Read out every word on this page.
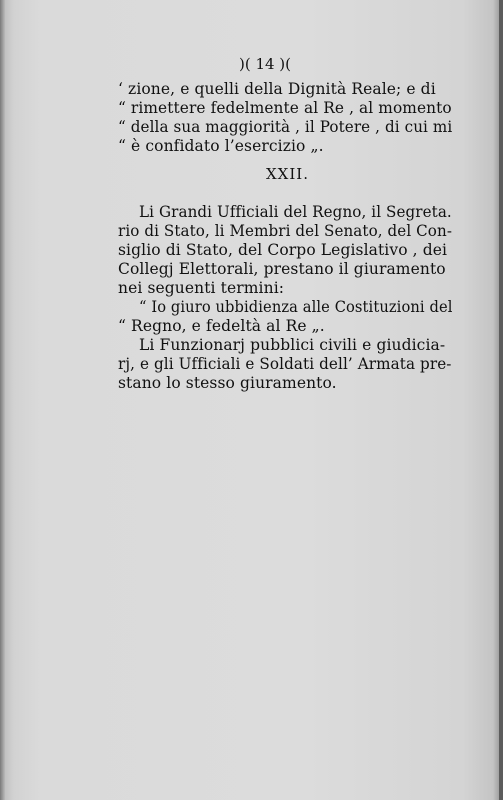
)( 14 )(
‘ zione, e quelli della Dignità Reale; e di
“ rimettere fedelmente al Re , al momento
“ della sua maggiorità , il Potere , di cui mi
“ è confidato l’esercizio „.
XXII.
Li Grandi Ufficiali del Regno, il Segreta.
rio di Stato, li Membri del Senato, del Con-
siglio di Stato, del Corpo Legislativo , dei
Collegj Elettorali, prestano il giuramento
nei seguenti termini:
“ Io giuro ubbidienza alle Costituzioni del
“ Regno, e fedeltà al Re „.
Li Funzionarj pubblici civili e giudicia-
rj, e gli Ufficiali e Soldati dell’ Armata pre-
stano lo stesso giuramento.
